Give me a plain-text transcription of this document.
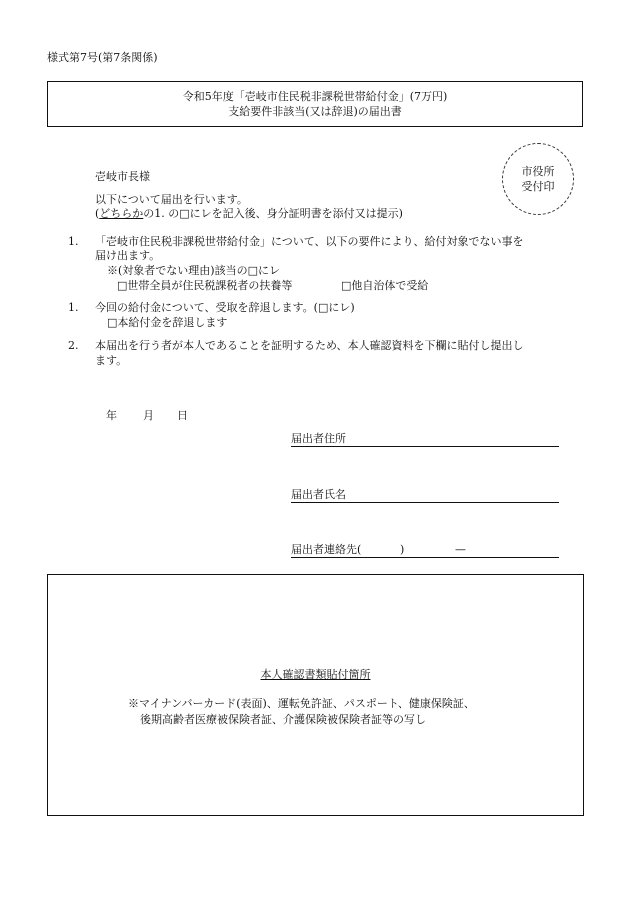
様式第7号(第7条関係)
令和5年度「壱岐市住民税非課税世帯給付金」(7万円)
支給要件非該当(又は辞退)の届出書
市役所
受付印
壱岐市長様
以下について届出を行います。
(どちらかの1. の□にレを記入後、身分証明書を添付又は提示)
1. 「壱岐市住民税非課税世帯給付金」について、以下の要件により、給付対象でない事を
届け出ます。
※(対象者でない理由)該当の□にレ
□世帯全員が住民税課税者の扶養等	□他自治体で受給
1. 今回の給付金について、受取を辞退します。(□にレ)
□本給付金を辞退します
2. 本届出を行う者が本人であることを証明するため、本人確認資料を下欄に貼付し提出し
ます。
年 月 日
届出者住所
届出者氏名
届出者連絡先(	)	—
本人確認書類貼付箇所
※マイナンバーカード(表面)、運転免許証、パスポート、健康保険証、
後期高齢者医療被保険者証、介護保険被保険者証等の写し
